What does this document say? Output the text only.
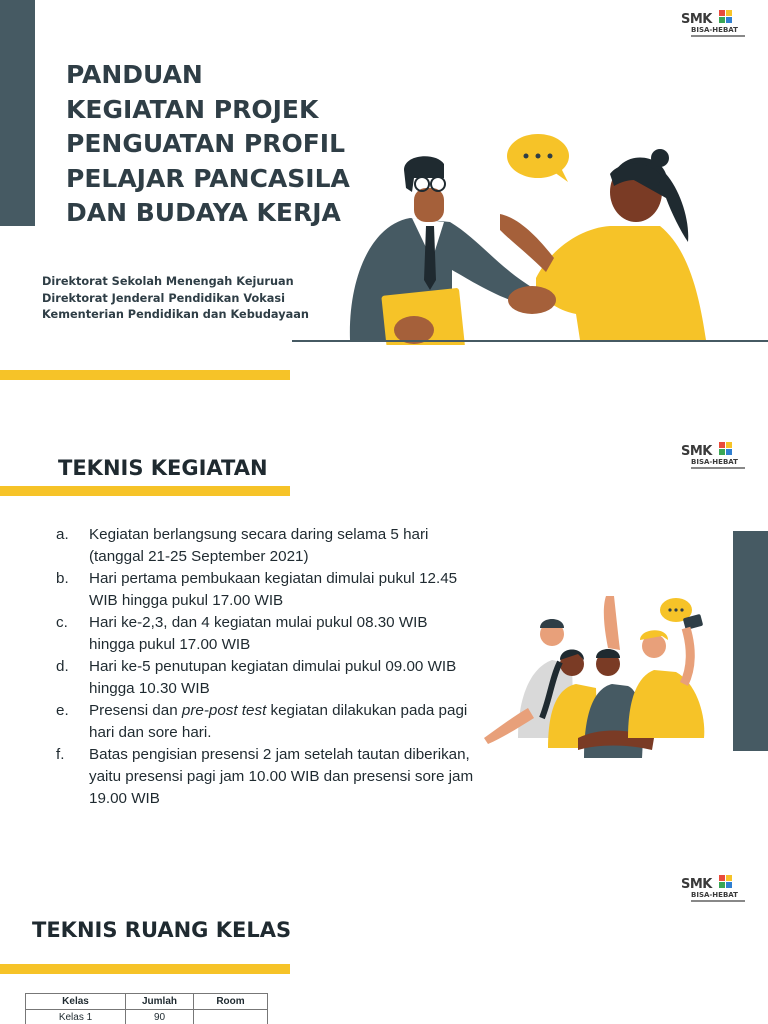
SMK
BISA-HEBAT
PANDUAN
KEGIATAN PROJEK
PENGUATAN PROFIL
PELAJAR PANCASILA
DAN BUDAYA KERJA
Direktorat Sekolah Menengah Kejuruan
Direktorat Jenderal Pendidikan Vokasi
Kementerian Pendidikan dan Kebudayaan
SMK
BISA-HEBAT
TEKNIS KEGIATAN
a. Kegiatan berlangsung secara daring selama 5 hari (tanggal 21-25 September 2021)
b. Hari pertama pembukaan kegiatan dimulai pukul 12.45 WIB hingga pukul 17.00 WIB
c. Hari ke-2,3, dan 4 kegiatan mulai pukul 08.30 WIB hingga pukul 17.00 WIB
d. Hari ke-5 penutupan kegiatan dimulai pukul 09.00 WIB hingga 10.30 WIB
e. Presensi dan pre-post test kegiatan dilakukan pada pagi hari dan sore hari.
f. Batas pengisian presensi 2 jam setelah tautan diberikan, yaitu presensi pagi jam 10.00 WIB dan presensi sore jam 19.00 WIB
SMK
BISA-HEBAT
TEKNIS RUANG KELAS
Kelas	Jumlah	Room
Kelas 1	90	
